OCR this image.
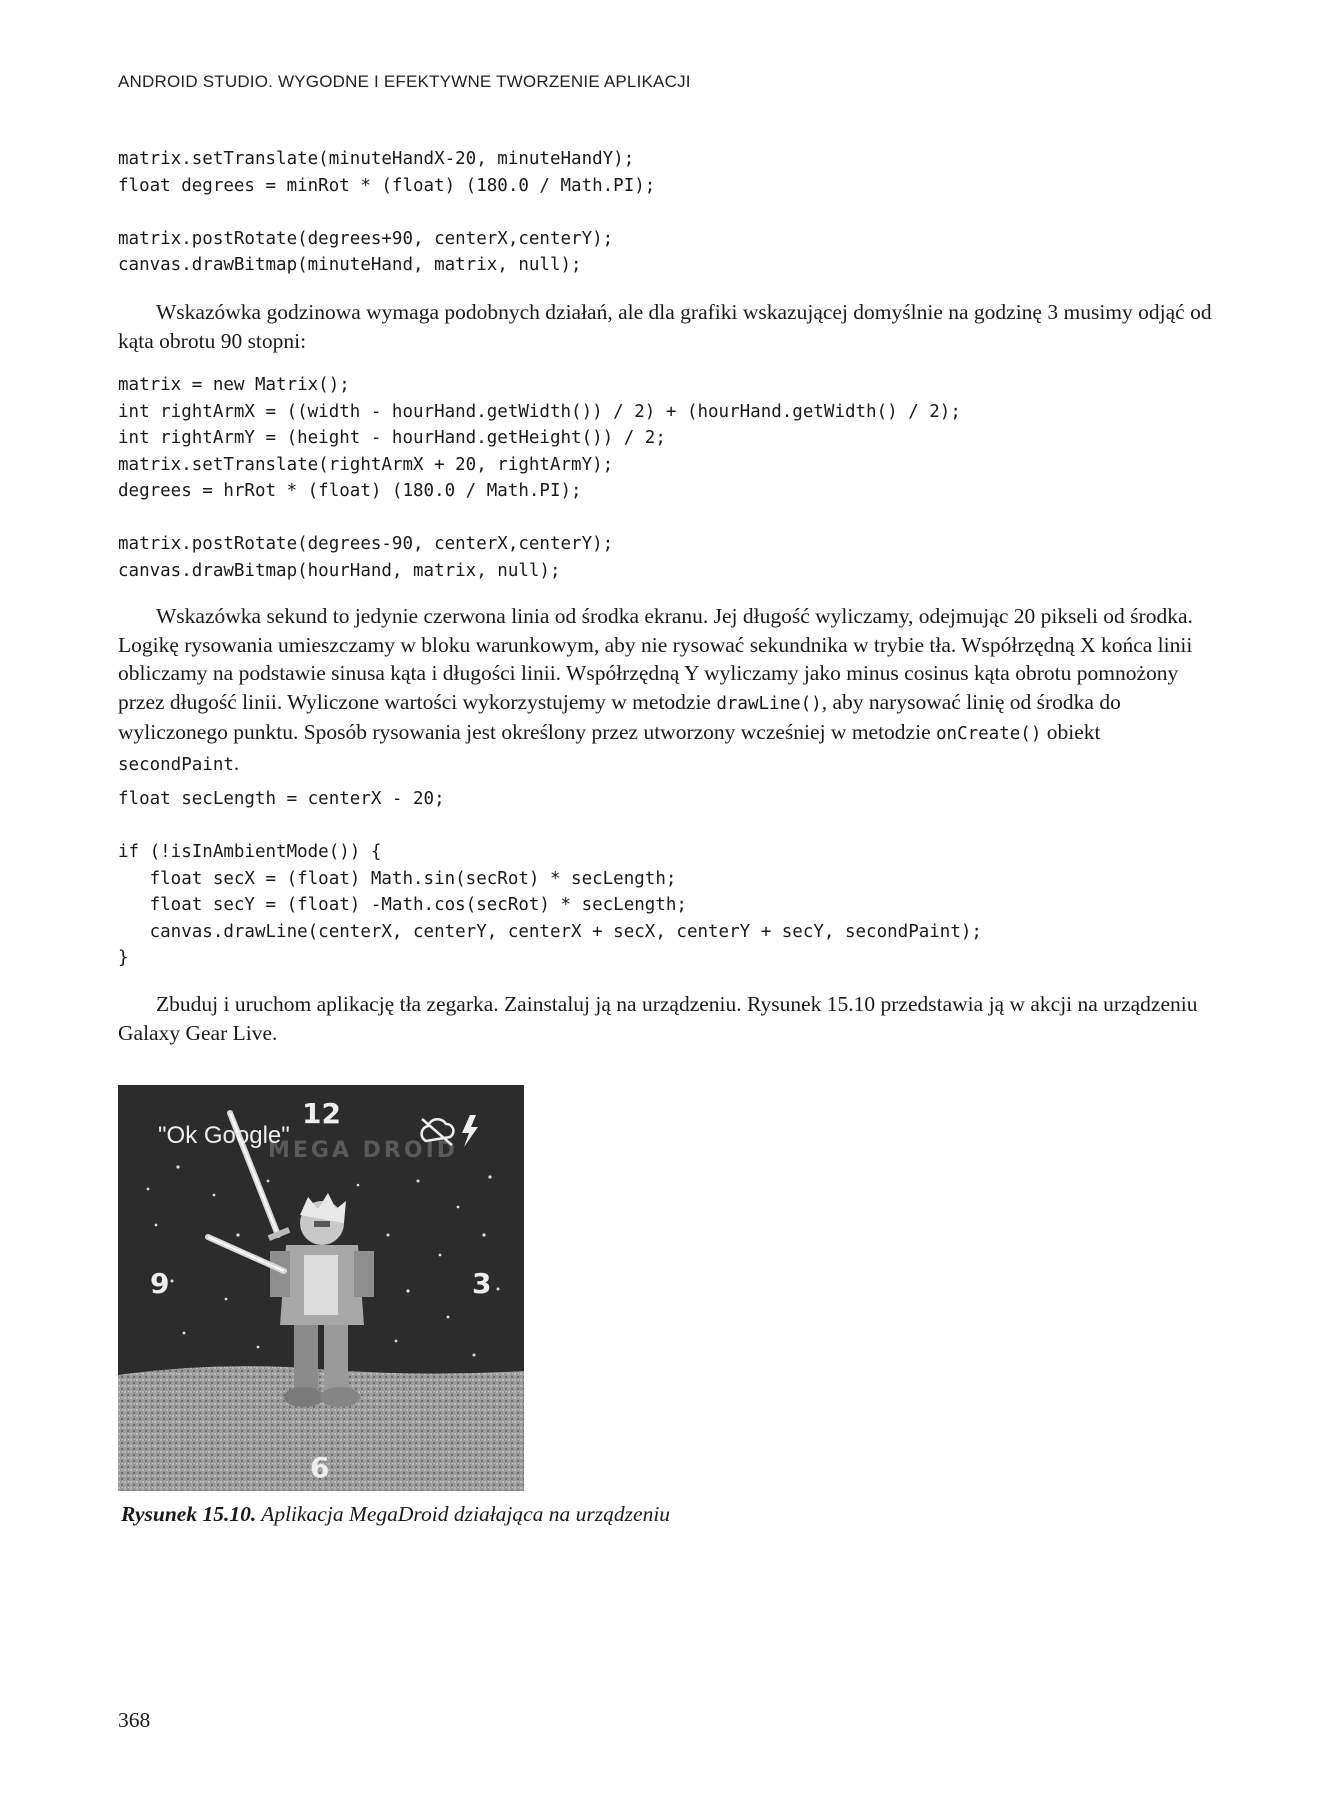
ANDROID STUDIO. WYGODNE I EFEKTYWNE TWORZENIE APLIKACJI
matrix.setTranslate(minuteHandX-20, minuteHandY);
float degrees = minRot * (float) (180.0 / Math.PI);

matrix.postRotate(degrees+90, centerX,centerY);
canvas.drawBitmap(minuteHand, matrix, null);

Wskazówka godzinowa wymaga podobnych działań, ale dla grafiki wskazującej domyślnie na godzinę 3 musimy odjąć od kąta obrotu 90 stopni:

matrix = new Matrix();
int rightArmX = ((width - hourHand.getWidth()) / 2) + (hourHand.getWidth() / 2);
int rightArmY = (height - hourHand.getHeight()) / 2;
matrix.setTranslate(rightArmX + 20, rightArmY);
degrees = hrRot * (float) (180.0 / Math.PI);

matrix.postRotate(degrees-90, centerX,centerY);
canvas.drawBitmap(hourHand, matrix, null);

Wskazówka sekund to jedynie czerwona linia od środka ekranu. Jej długość wyliczamy, odejmując 20 pikseli od środka. Logikę rysowania umieszczamy w bloku warunkowym, aby nie rysować sekundnika w trybie tła. Współrzędną X końca linii obliczamy na podstawie sinusa kąta i długości linii. Współrzędną Y wyliczamy jako minus cosinus kąta obrotu pomnożony przez długość linii. Wyliczone wartości wykorzystujemy w metodzie drawLine(), aby narysować linię od środka do wyliczonego punktu. Sposób rysowania jest określony przez utworzony wcześniej w metodzie onCreate() obiekt secondPaint.

float secLength = centerX - 20;

if (!isInAmbientMode()) {
float secX = (float) Math.sin(secRot) * secLength;
float secY = (float) -Math.cos(secRot) * secLength;
canvas.drawLine(centerX, centerY, centerX + secX, centerY + secY, secondPaint);
}

Zbuduj i uruchom aplikację tła zegarka. Zainstaluj ją na urządzeniu. Rysunek 15.10 przedstawia ją w akcji na urządzeniu Galaxy Gear Live.

MEGA DROID
"Ok Google"
12
3
6
9

Rysunek 15.10. Aplikacja MegaDroid działająca na urządzeniu

368
